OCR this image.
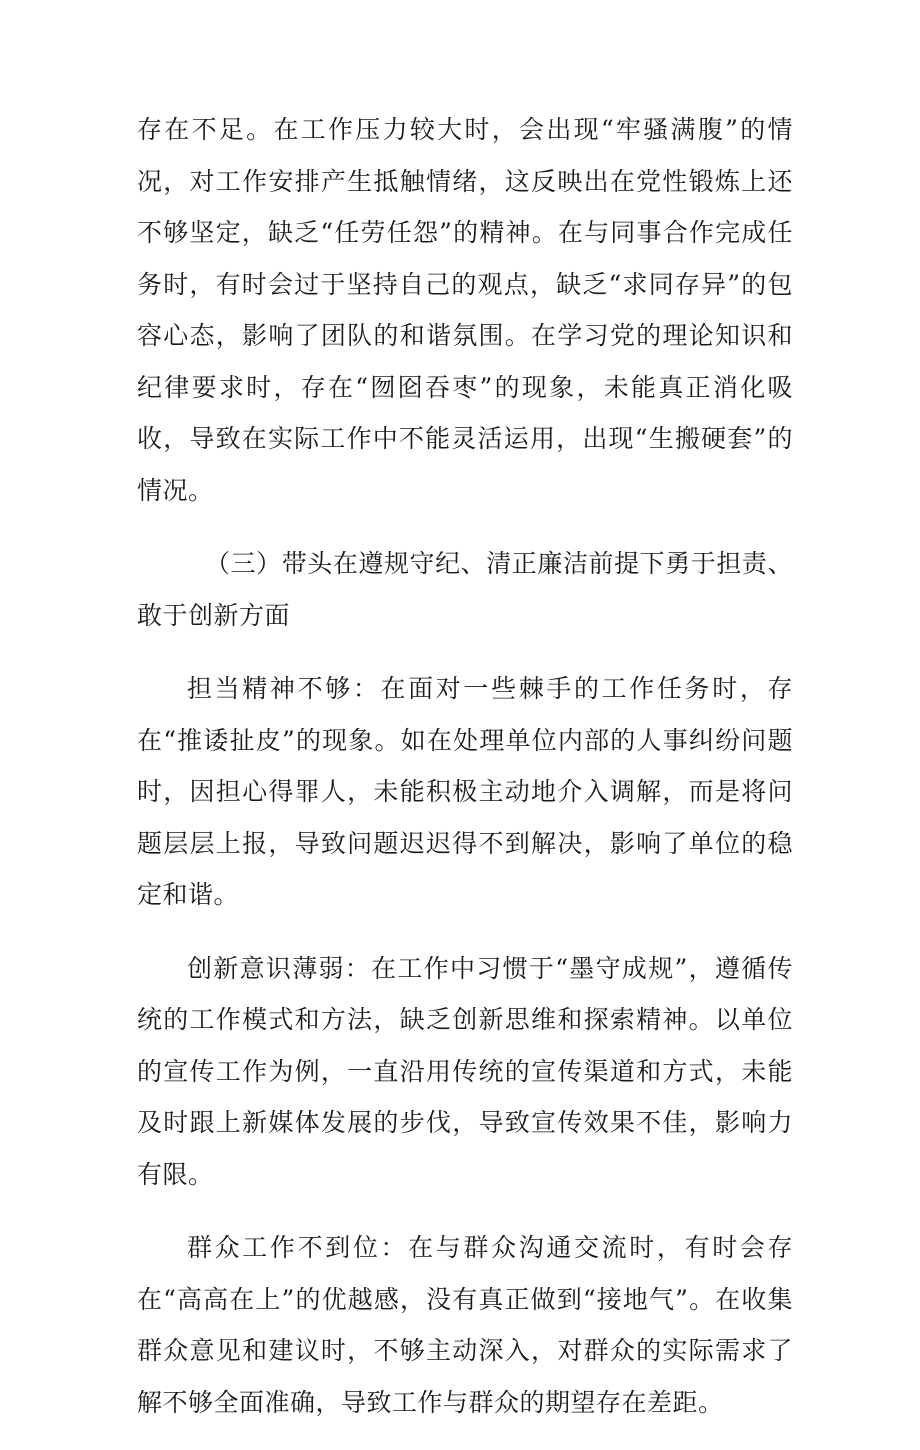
存在不足。在工作压力较大时，会出现“牢骚满腹”的情况，对工作安排产生抵触情绪，这反映出在党性锻炼上还不够坚定，缺乏“任劳任怨”的精神。在与同事合作完成任务时，有时会过于坚持自己的观点，缺乏“求同存异”的包容心态，影响了团队的和谐氛围。在学习党的理论知识和纪律要求时，存在“囫囵吞枣”的现象，未能真正消化吸收，导致在实际工作中不能灵活运用，出现“生搬硬套”的情况。

（三）带头在遵规守纪、清正廉洁前提下勇于担责、敢于创新方面

担当精神不够：在面对一些棘手的工作任务时，存在“推诿扯皮”的现象。如在处理单位内部的人事纠纷问题时，因担心得罪人，未能积极主动地介入调解，而是将问题层层上报，导致问题迟迟得不到解决，影响了单位的稳定和谐。

创新意识薄弱：在工作中习惯于“墨守成规”，遵循传统的工作模式和方法，缺乏创新思维和探索精神。以单位的宣传工作为例，一直沿用传统的宣传渠道和方式，未能及时跟上新媒体发展的步伐，导致宣传效果不佳，影响力有限。

群众工作不到位：在与群众沟通交流时，有时会存在“高高在上”的优越感，没有真正做到“接地气”。在收集群众意见和建议时，不够主动深入，对群众的实际需求了解不够全面准确，导致工作与群众的期望存在差距。
